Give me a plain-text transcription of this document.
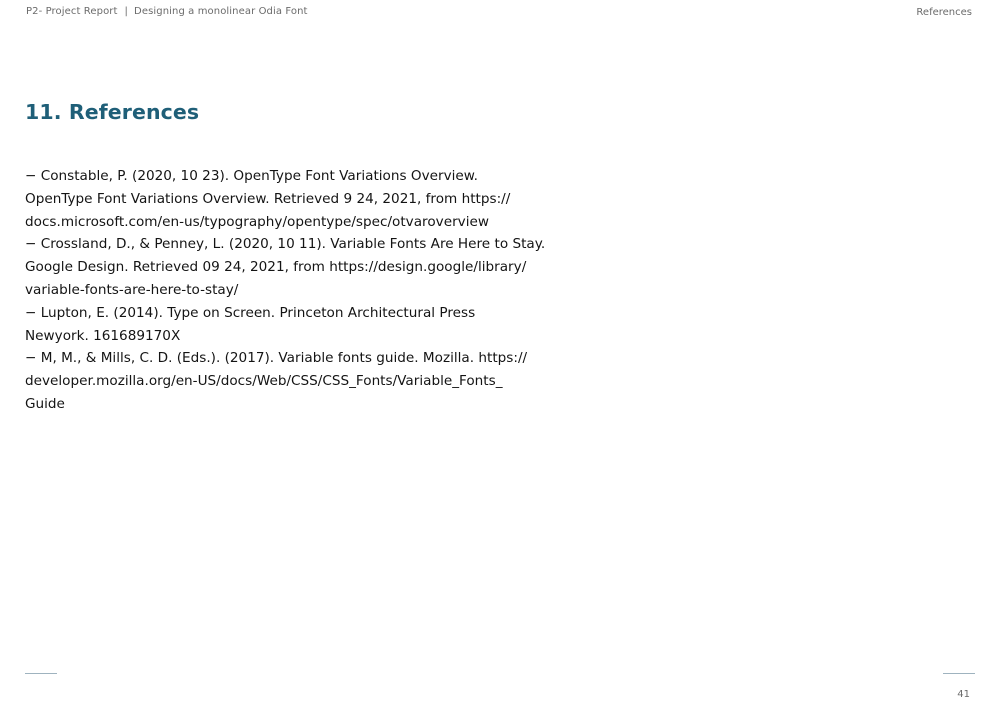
P2- Project Report | Designing a monolinear Odia Font	References
11. References
− Constable, P. (2020, 10 23). OpenType Font Variations Overview.
OpenType Font Variations Overview. Retrieved 9 24, 2021, from https://
docs.microsoft.com/en-us/typography/opentype/spec/otvaroverview
− Crossland, D., & Penney, L. (2020, 10 11). Variable Fonts Are Here to Stay.
Google Design. Retrieved 09 24, 2021, from https://design.google/library/
variable-fonts-are-here-to-stay/
− Lupton, E. (2014). Type on Screen. Princeton Architectural Press
Newyork. 161689170X
− M, M., & Mills, C. D. (Eds.). (2017). Variable fonts guide. Mozilla. https://
developer.mozilla.org/en-US/docs/Web/CSS/CSS_Fonts/Variable_Fonts_
Guide
41
